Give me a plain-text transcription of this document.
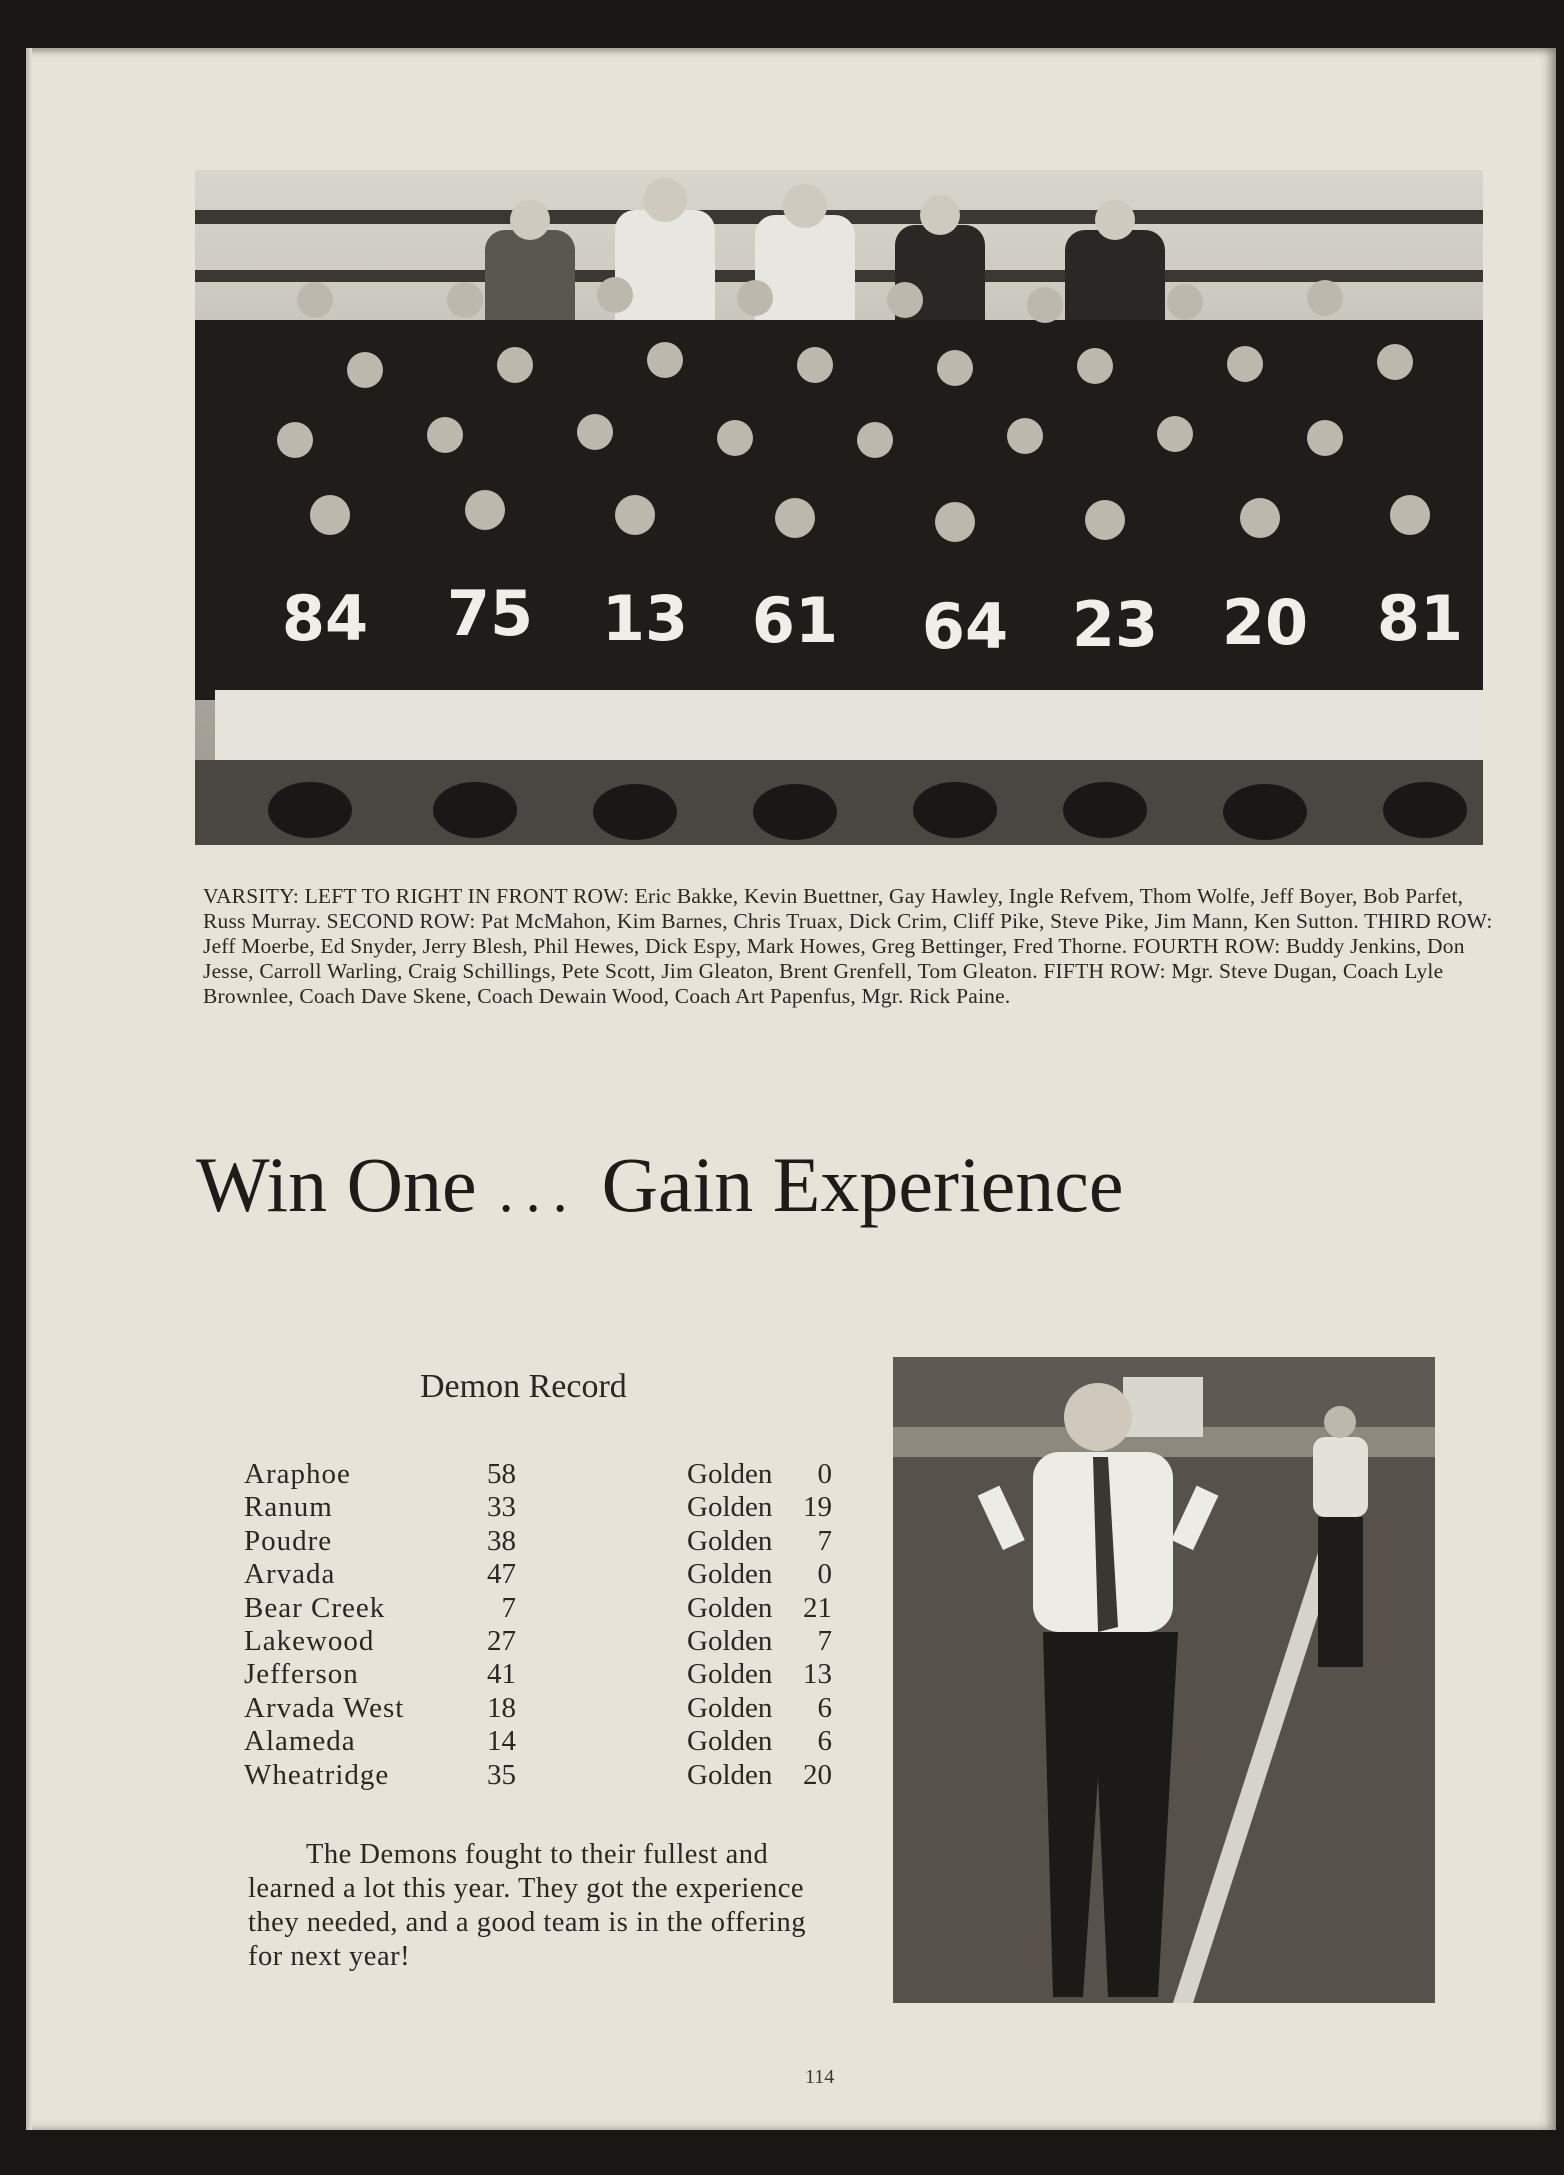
84 75 13 61 64 23 20 81
VARSITY: LEFT TO RIGHT IN FRONT ROW: Eric Bakke, Kevin Buettner, Gay Hawley, Ingle Refvem, Thom Wolfe, Jeff Boyer, Bob Parfet, Russ Murray. SECOND ROW: Pat McMahon, Kim Barnes, Chris Truax, Dick Crim, Cliff Pike, Steve Pike, Jim Mann, Ken Sutton. THIRD ROW: Jeff Moerbe, Ed Snyder, Jerry Blesh, Phil Hewes, Dick Espy, Mark Howes, Greg Bettinger, Fred Thorne. FOURTH ROW: Buddy Jenkins, Don Jesse, Carroll Warling, Craig Schillings, Pete Scott, Jim Gleaton, Brent Grenfell, Tom Gleaton. FIFTH ROW: Mgr. Steve Dugan, Coach Lyle Brownlee, Coach Dave Skene, Coach Dewain Wood, Coach Art Papenfus, Mgr. Rick Paine.
Win One ... Gain Experience
Demon Record
Araphoe	58	Golden	0
Ranum	33	Golden	19
Poudre	38	Golden	7
Arvada	47	Golden	0
Bear Creek	7	Golden	21
Lakewood	27	Golden	7
Jefferson	41	Golden	13
Arvada West	18	Golden	6
Alameda	14	Golden	6
Wheatridge	35	Golden	20
The Demons fought to their fullest and learned a lot this year. They got the experience they needed, and a good team is in the offering for next year!
114
